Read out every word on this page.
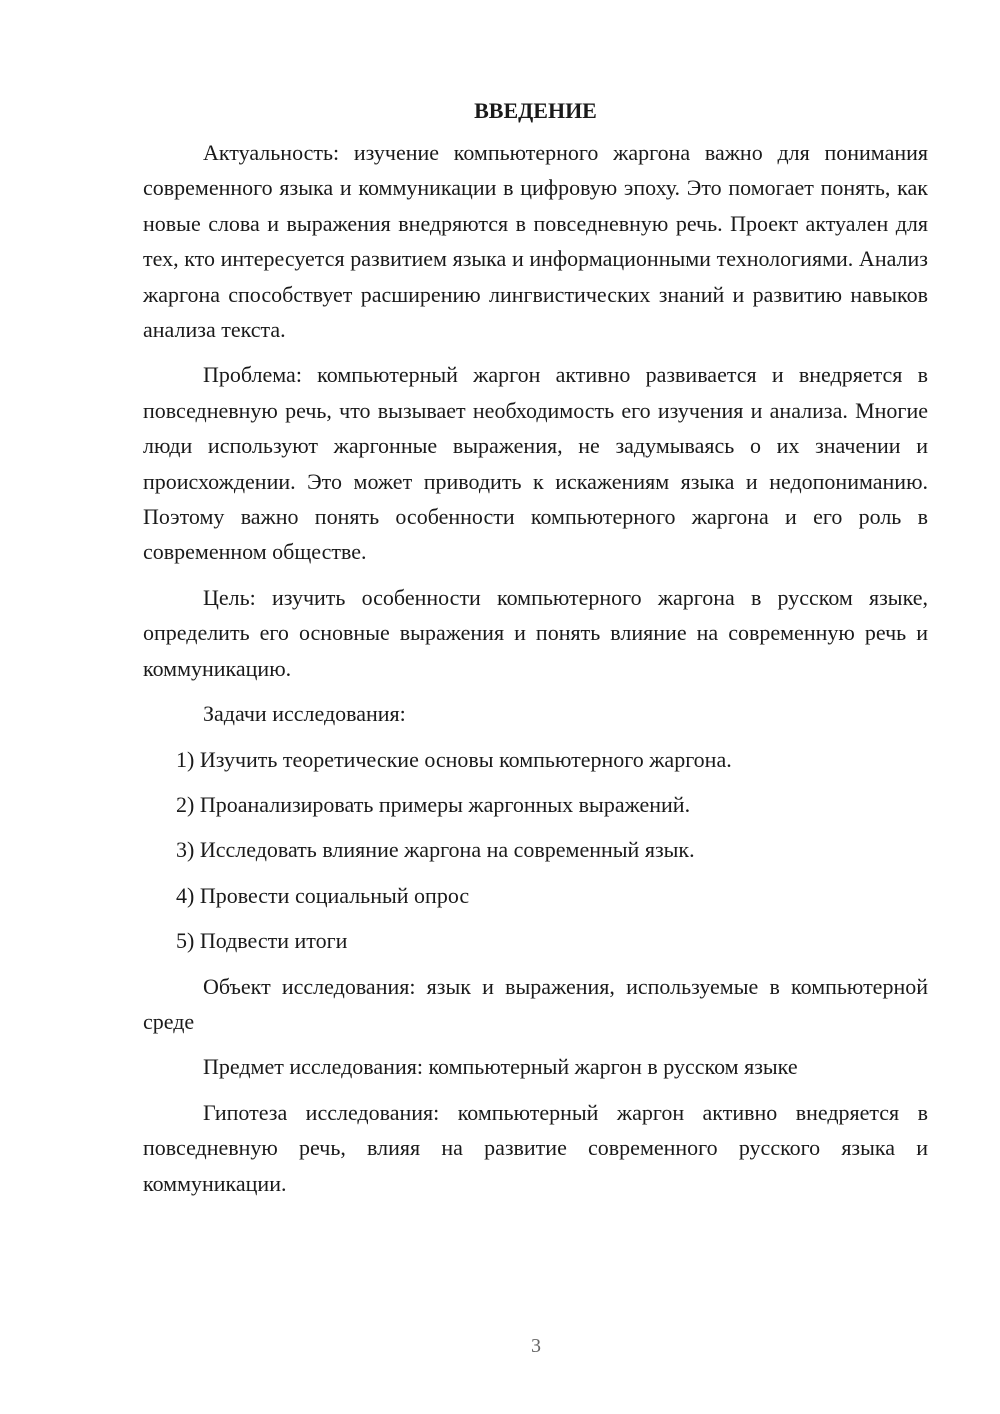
ВВЕДЕНИЕ

Актуальность: изучение компьютерного жаргона важно для понимания современного языка и коммуникации в цифровую эпоху. Это помогает понять, как новые слова и выражения внедряются в повседневную речь. Проект актуален для тех, кто интересуется развитием языка и информационными технологиями. Анализ жаргона способствует расширению лингвистических знаний и развитию навыков анализа текста.

Проблема: компьютерный жаргон активно развивается и внедряется в повседневную речь, что вызывает необходимость его изучения и анализа. Многие люди используют жаргонные выражения, не задумываясь о их значении и происхождении. Это может приводить к искажениям языка и недопониманию. Поэтому важно понять особенности компьютерного жаргона и его роль в современном обществе.

Цель: изучить особенности компьютерного жаргона в русском языке, определить его основные выражения и понять влияние на современную речь и коммуникацию.

Задачи исследования:

1) Изучить теоретические основы компьютерного жаргона.
2) Проанализировать примеры жаргонных выражений.
3) Исследовать влияние жаргона на современный язык.
4) Провести социальный опрос
5) Подвести итоги

Объект исследования: язык и выражения, используемые в компьютерной среде

Предмет исследования: компьютерный жаргон в русском языке

Гипотеза исследования: компьютерный жаргон активно внедряется в повседневную речь, влияя на развитие современного русского языка и коммуникации.

3
